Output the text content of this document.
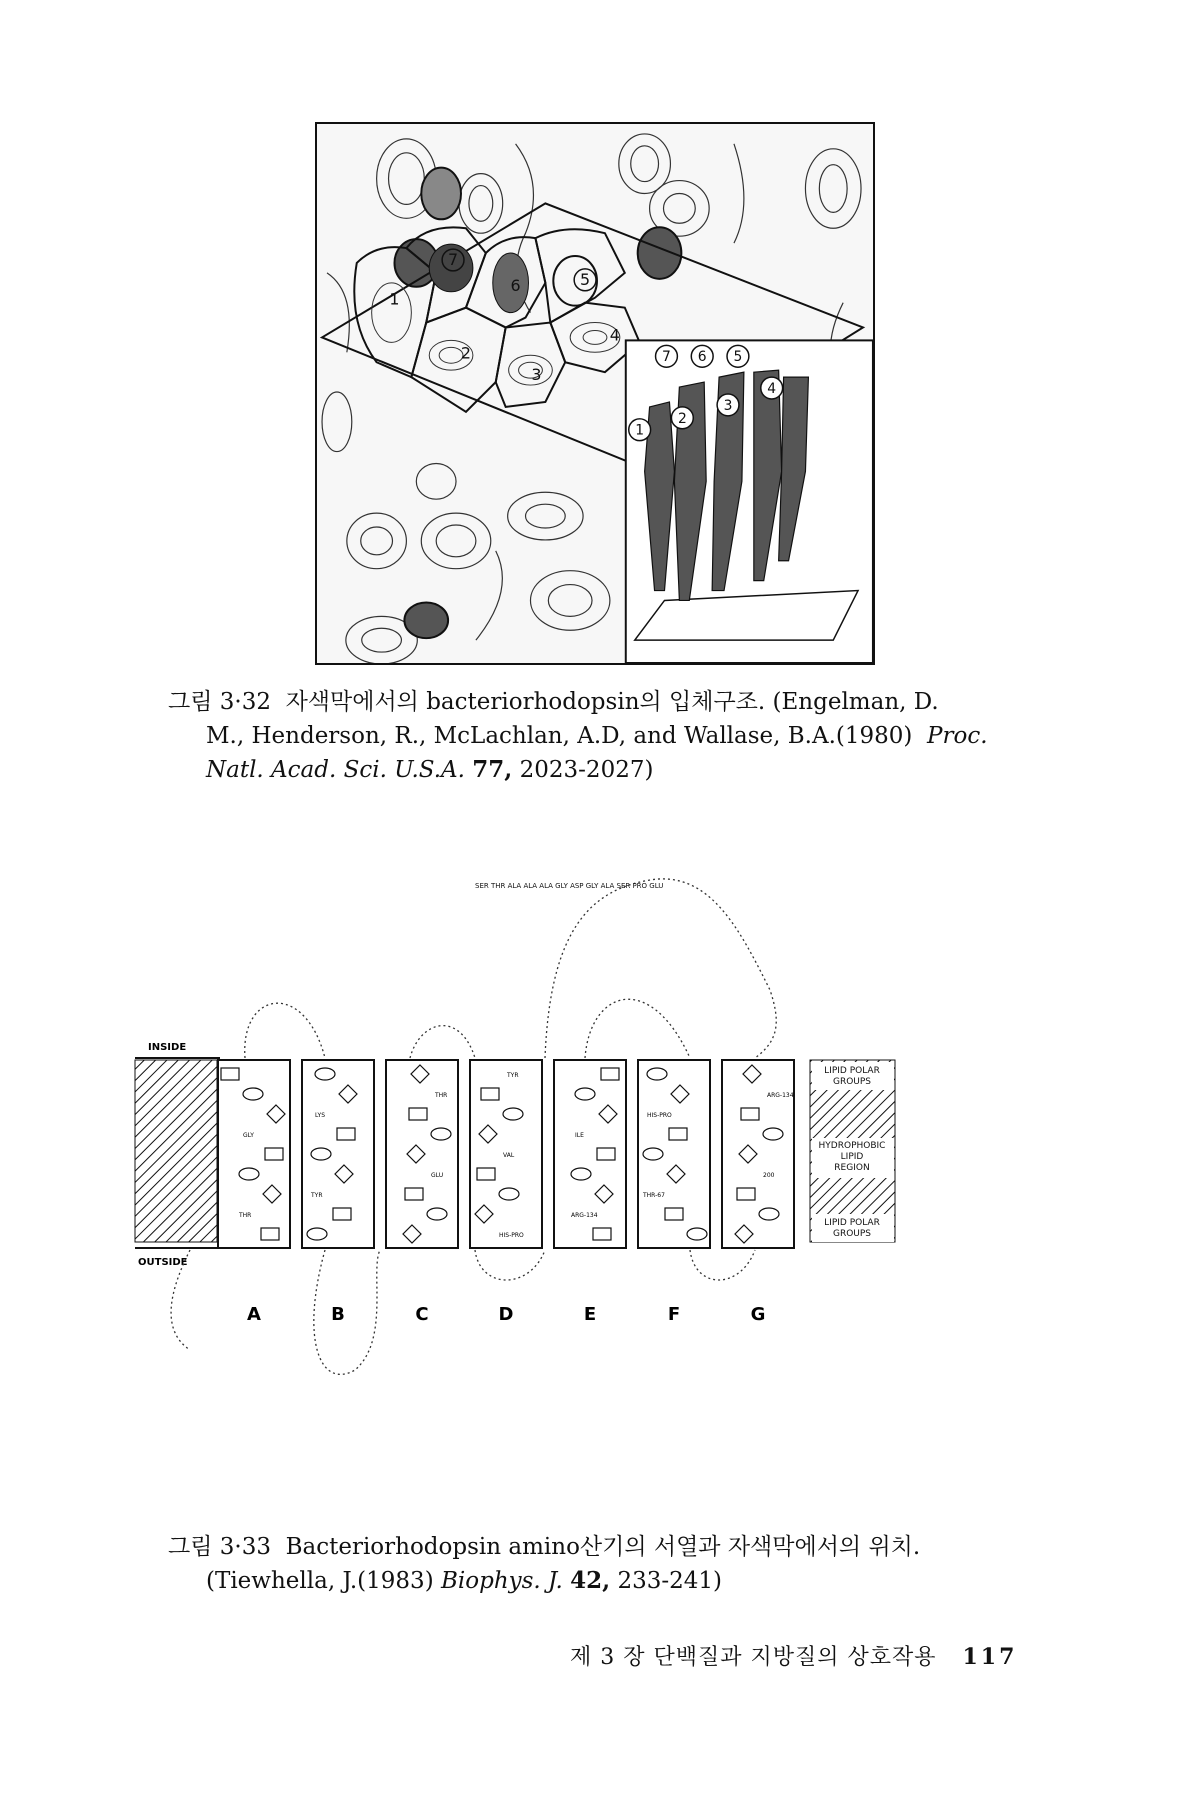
1
2
3
4
5
6
7
7 6 5
4
3
2
1
그림 3·32 자색막에서의 bacteriorhodopsin의 입체구조. (Engelman, D.
M., Henderson, R., McLachlan, A.D, and Wallase, B.A.(1980) Proc.
Natl. Acad. Sci. U.S.A. 77, 2023-2027)
INSIDE
OUTSIDE
LIPID POLAR
GROUPS
HYDROPHOBIC
LIPID
REGION
LIPID POLAR
GROUPS
SER THR ALA ALA ALA GLY ASP GLY ALA SER PRO GLU
GLY
THR
LYS
TYR
THR
GLU
TYR
VAL
HIS-PRO
ILE
ARG-134
HIS-PRO
THR-67
ARG-134
200
A	B	C	D	E	F	G
그림 3·33 Bacteriorhodopsin amino산기의 서열과 자색막에서의 위치.
(Tiewhella, J.(1983) Biophys. J. 42, 233-241)
제 3 장 단백질과 지방질의 상호작용 117
